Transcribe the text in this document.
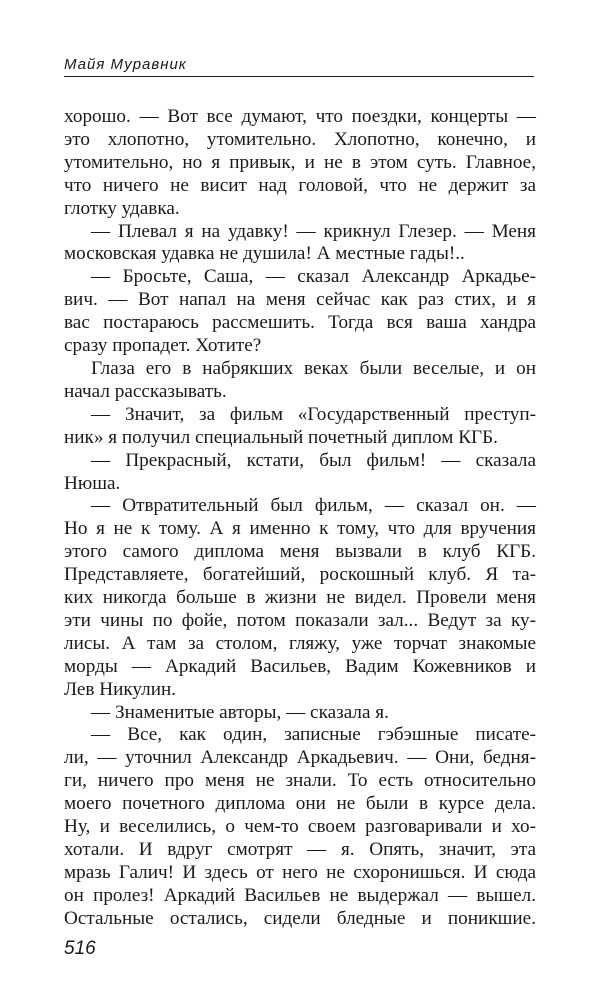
Майя Муравник

хорошо. — Вот все думают, что поездки, концерты —

это хлопотно, утомительно. Хлопотно, конечно, и

утомительно, но я привык, и не в этом суть. Главное,

что ничего не висит над головой, что не держит за

глотку удавка.

— Плевал я на удавку! — крикнул Глезер. — Меня

московская удавка не душила! А местные гады!..

— Бросьте, Саша, — сказал Александр Аркадье-

вич. — Вот напал на меня сейчас как раз стих, и я

вас постараюсь рассмешить. Тогда вся ваша хандра

сразу пропадет. Хотите?

Глаза его в набрякших веках были веселые, и он

начал рассказывать.

— Значит, за фильм «Государственный преступ-

ник» я получил специальный почетный диплом КГБ.

— Прекрасный, кстати, был фильм! — сказала

Нюша.

— Отвратительный был фильм, — сказал он. —

Но я не к тому. А я именно к тому, что для вручения

этого самого диплома меня вызвали в клуб КГБ.

Представляете, богатейший, роскошный клуб. Я та-

ких никогда больше в жизни не видел. Провели меня

эти чины по фойе, потом показали зал... Ведут за ку-

лисы. А там за столом, гляжу, уже торчат знакомые

морды — Аркадий Васильев, Вадим Кожевников и

Лев Никулин.

— Знаменитые авторы, — сказала я.

— Все, как один, записные гэбэшные писате-

ли, — уточнил Александр Аркадьевич. — Они, бедня-

ги, ничего про меня не знали. То есть относительно

моего почетного диплома они не были в курсе дела.

Ну, и веселились, о чем-то своем разговаривали и хо-

хотали. И вдруг смотрят — я. Опять, значит, эта

мразь Галич! И здесь от него не схоронишься. И сюда

он пролез! Аркадий Васильев не выдержал — вышел.

Остальные остались, сидели бледные и поникшие.

516
